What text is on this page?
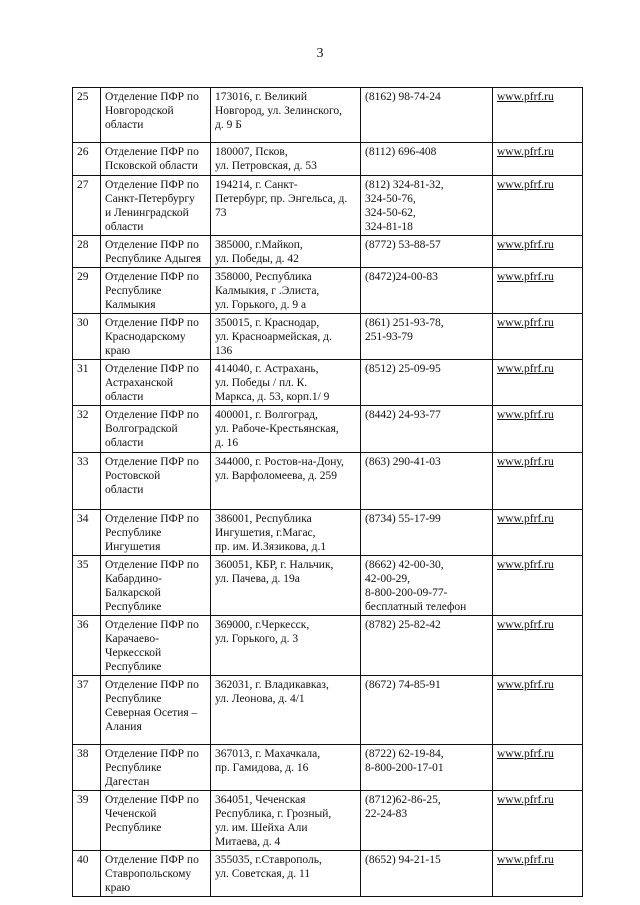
3
25	Отделение ПФР по
Новгородской
области	173016, г. Великий
Новгород, ул. Зелинского,
д. 9 Б	(8162) 98-74-24	www.pfrf.ru
26	Отделение ПФР по
Псковской области	180007, Псков,
ул. Петровская, д. 53	(8112) 696-408	www.pfrf.ru
27	Отделение ПФР по
Санкт-Петербургу
и Ленинградской
области	194214, г. Санкт-
Петербург, пр. Энгельса, д.
73	(812) 324-81-32,
324-50-76,
324-50-62,
324-81-18	www.pfrf.ru
28	Отделение ПФР по
Республике Адыгея	385000, г.Майкоп,
ул. Победы, д. 42	(8772) 53-88-57	www.pfrf.ru
29	Отделение ПФР по
Республике
Калмыкия	358000, Республика
Калмыкия, г .Элиста,
ул. Горького, д. 9 а	(8472)24-00-83	www.pfrf.ru
30	Отделение ПФР по
Краснодарскому
краю	350015, г. Краснодар,
ул. Красноармейская, д.
136	(861) 251-93-78,
251-93-79	www.pfrf.ru
31	Отделение ПФР по
Астраханской
области	414040, г. Астрахань,
ул. Победы / пл. К.
Маркса, д. 53, корп.1/ 9	(8512) 25-09-95	www.pfrf.ru
32	Отделение ПФР по
Волгоградской
области	400001, г. Волгоград,
ул. Рабоче-Крестьянская,
д. 16	(8442) 24-93-77	www.pfrf.ru
33	Отделение ПФР по
Ростовской
области	344000, г. Ростов-на-Дону,
ул. Варфоломеева, д. 259	(863) 290-41-03	www.pfrf.ru
34	Отделение ПФР по
Республике
Ингушетия	386001, Республика
Ингушетия, г.Магас,
пр. им. И.Зязикова, д.1	(8734) 55-17-99	www.pfrf.ru
35	Отделение ПФР по
Кабардино-
Балкарской
Республике	360051, КБР, г. Нальчик,
ул. Пачева, д. 19а	(8662) 42-00-30,
42-00-29,
8-800-200-09-77-
бесплатный телефон	www.pfrf.ru
36	Отделение ПФР по
Карачаево-
Черкесской
Республике	369000, г.Черкесск,
ул. Горького, д. 3	(8782) 25-82-42	www.pfrf.ru
37	Отделение ПФР по
Республике
Северная Осетия –
Алания	362031, г. Владикавказ,
ул. Леонова, д. 4/1	(8672) 74-85-91	www.pfrf.ru
38	Отделение ПФР по
Республике
Дагестан	367013, г. Махачкала,
пр. Гамидова, д. 16	(8722) 62-19-84,
8-800-200-17-01	www.pfrf.ru
39	Отделение ПФР по
Чеченской
Республике	364051, Чеченская
Республика, г. Грозный,
ул. им. Шейха Али
Митаева, д. 4	(8712)62-86-25,
22-24-83	www.pfrf.ru
40	Отделение ПФР по
Ставропольскому
краю	355035, г.Ставрополь,
ул. Советская, д. 11	(8652) 94-21-15	www.pfrf.ru
